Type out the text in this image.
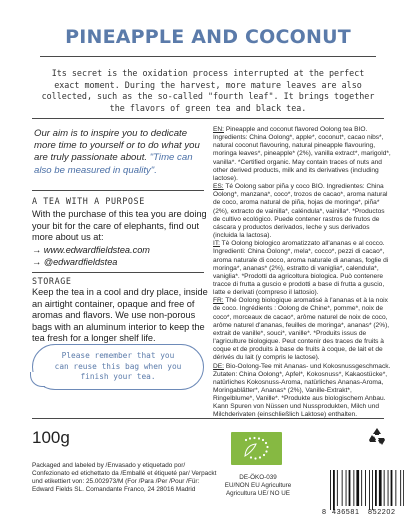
PINEAPPLE AND COCONUT
Its secret is the oxidation process interrupted at the perfect exact moment. During the harvest, more mature leaves are also collected, such as the so-called "fourth leaf". It brings together the flavors of green tea and black tea.
Our aim is to inspire you to dedicate more time to yourself or to do what you are truly passionate about. "Time can also be measured in quality".
A TEA WITH A PURPOSE
With the purchase of this tea you are doing your bit for the care of elephants, find out more about us at:
→ www.edwardfieldstea.com
→ @edwardfieldstea
STORAGE
Keep the tea in a cool and dry place, inside an airtight container, opaque and free of aromas and flavors. We use non-porous bags with an aluminum interior to keep the tea fresh for a longer shelf life.
Please remember that you
can reuse this bag when you
finish your tea.

EN: Pineapple and coconut flavored Oolong tea BIO. Ingredients: China Oolong*, apple*, coconut*, cacao nibs*, natural coconut flavouring, natural pineapple flavouring, moringa leaves*, pineapple* (2%), vanilla extract*, marigold*, vanilla*. *Certified organic. May contain traces of nuts and other derived products, milk and its derivatives (including lactose).

ES: Té Oolong sabor piña y coco BIO. Ingredientes: China Oolong*, manzana*, coco*, trozos de cacao*, aroma natural de coco, aroma natural de piña, hojas de moringa*, piña* (2%), extracto de vainilla*, caléndula*, vainilla*. *Productos de cultivo ecológico. Puede contener rastros de frutos de cáscara y productos derivados, leche y sus derivados (incluida la lactosa).

IT: Tè Oolong biologico aromatizzato all'ananas e al cocco. Ingredienti: China Oolong*, mela*, cocco*, pezzi di cacao*, aroma naturale di cocco, aroma naturale di ananas, foglie di moringa*, ananas* (2%), estratto di vaniglia*, calendula*, vaniglia*. *Prodotti da agricoltura biologica. Può contenere tracce di frutta a guscio e prodotti a base di frutta a guscio, latte e derivati (compreso il lattosio).

FR: Thé Oolong biologique aromatisé à l'ananas et à la noix de coco. Ingrédients : Oolong de Chine*, pomme*, noix de coco*, morceaux de cacao*, arôme naturel de noix de coco, arôme naturel d'ananas, feuilles de moringa*, ananas* (2%), extrait de vanille*, souci*, vanille*. *Produits issus de l'agriculture biologique. Peut contenir des traces de fruits à coque et de produits à base de fruits à coque, de lait et de dérivés du lait (y compris le lactose).

DE: Bio-Oolong-Tee mit Ananas- und Kokosnussgeschmack. Zutaten: China Oolong*, Apfel*, Kokosnuss*, Kakaostücke*, natürliches Kokosnuss-Aroma, natürliches Ananas-Aroma, Moringablätter*, Ananas* (2%), Vanille-Extrakt*, Ringelblume*, Vanille*. *Produkte aus biologischem Anbau. Kann Spuren von Nüssen und Nussprodukten, Milch und Milchderivaten (einschließlich Laktose) enthalten.

100g
Packaged and labeled by /Envasado y etiquetado por/ Confezionato ed etichettato da /Emballé et étiqueté par/ Verpackt und etikettiert von: 25.002973/M (For /Para /Per /Pour /Für: Edward Fields SL. Comandante Franco, 24 28016 Madrid
DE-ÖKO-039
EU/NON EU Agriculture
Agricultura UE/ NO UE
8 436581 852202
